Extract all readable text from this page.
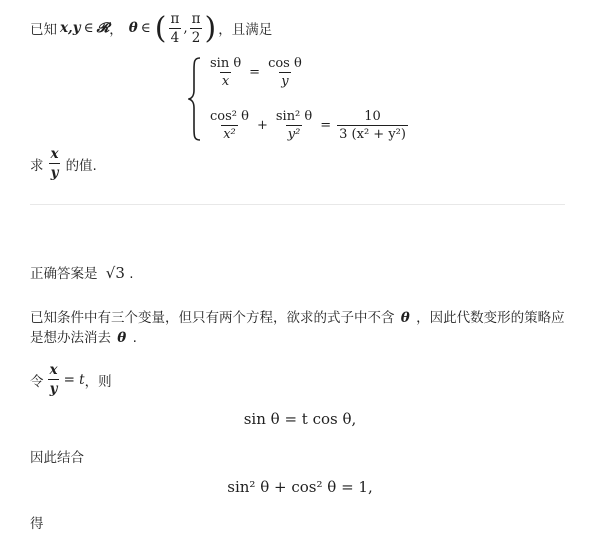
已知 x,y ∈ 𝓡 ， θ ∈ ( $\frac{\pi}{4}$ , $\frac{\pi}{2}$ ) ，且满足
$\frac{\text{sin θ}}{x} = \frac{\text{cos θ}}{y}$
$\frac{\text{cos² θ}}{\text{x²}} + \frac{\text{sin² θ}}{\text{y²}} = \frac{10}{\text{3 (x² + y²)}}$
求 $\frac{x}{y}$ 的值.
正确答案是 √3 .
已知条件中有三个变量，但只有两个方程，欲求的式子中不含 θ ，因此代数变形的策略应
是想办法消去 θ .
令 $\frac{x}{y} = t$ ，则
sin θ = t cos θ,
因此结合
sin² θ + cos² θ = 1,
得
